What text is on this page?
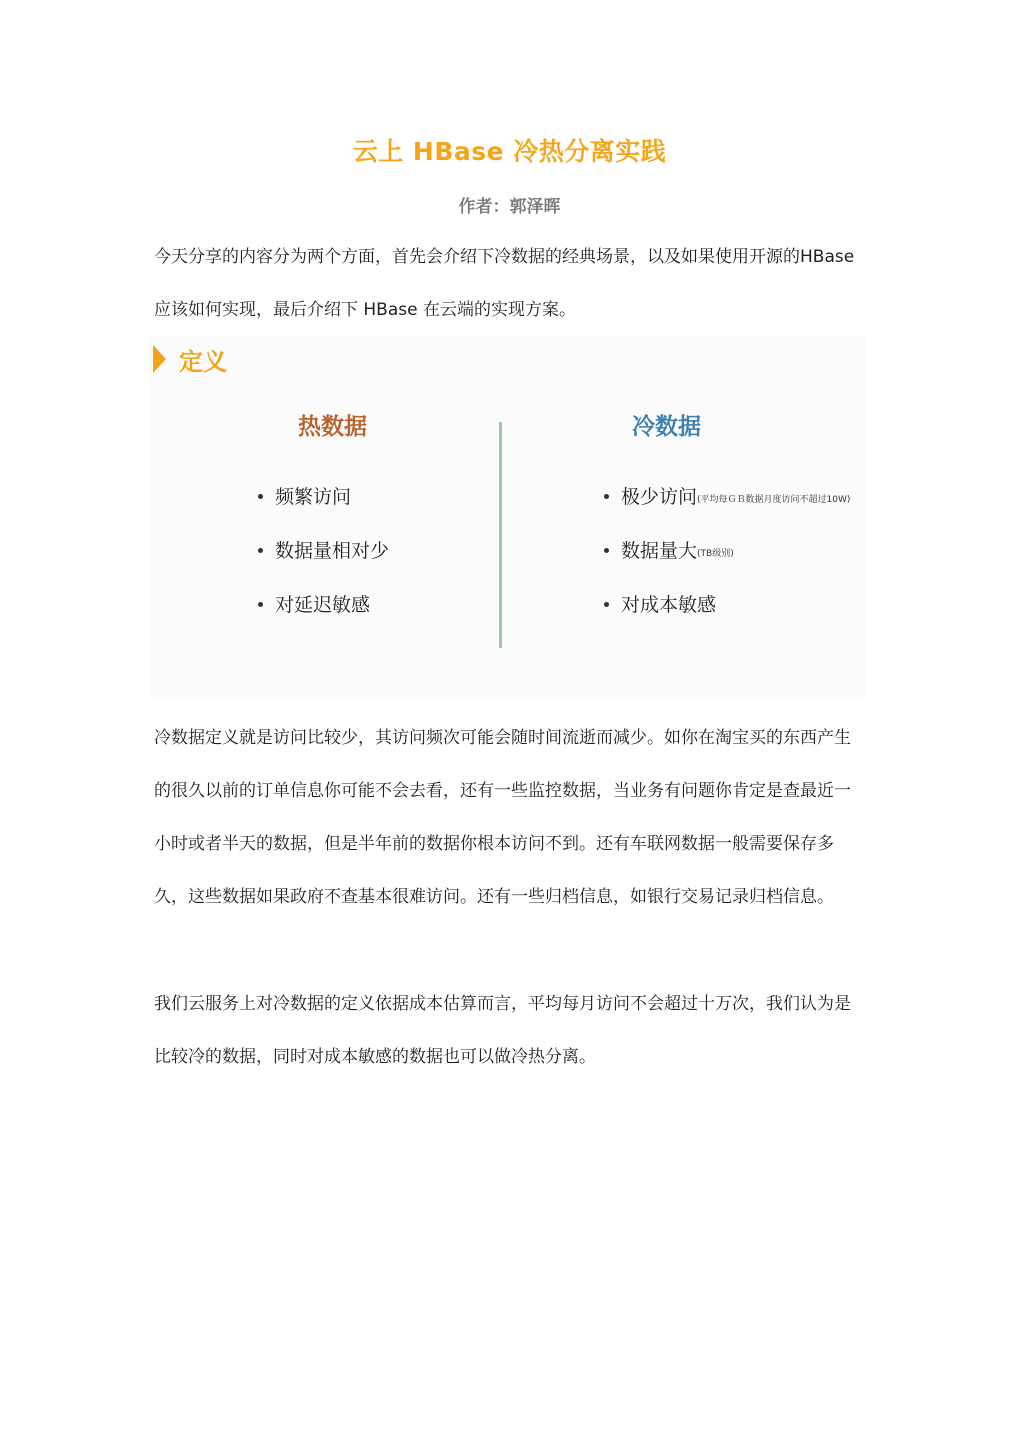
云上 HBase 冷热分离实践
作者：郭泽晖

今天分享的内容分为两个方面，首先会介绍下冷数据的经典场景，以及如果使用开源的HBase 应该如何实现，最后介绍下 HBase 在云端的实现方案。

定义
热数据	冷数据
频繁访问
数据量相对少
对延迟敏感
极少访问 (平均每ＧＢ数据月度访问不超过10W)
数据量大 (TB级别)
对成本敏感

冷数据定义就是访问比较少，其访问频次可能会随时间流逝而减少。如你在淘宝买的东西产生的很久以前的订单信息你可能不会去看，还有一些监控数据，当业务有问题你肯定是查最近一小时或者半天的数据，但是半年前的数据你根本访问不到。还有车联网数据一般需要保存多久，这些数据如果政府不查基本很难访问。还有一些归档信息，如银行交易记录归档信息。

我们云服务上对冷数据的定义依据成本估算而言，平均每月访问不会超过十万次，我们认为是比较冷的数据，同时对成本敏感的数据也可以做冷热分离。
